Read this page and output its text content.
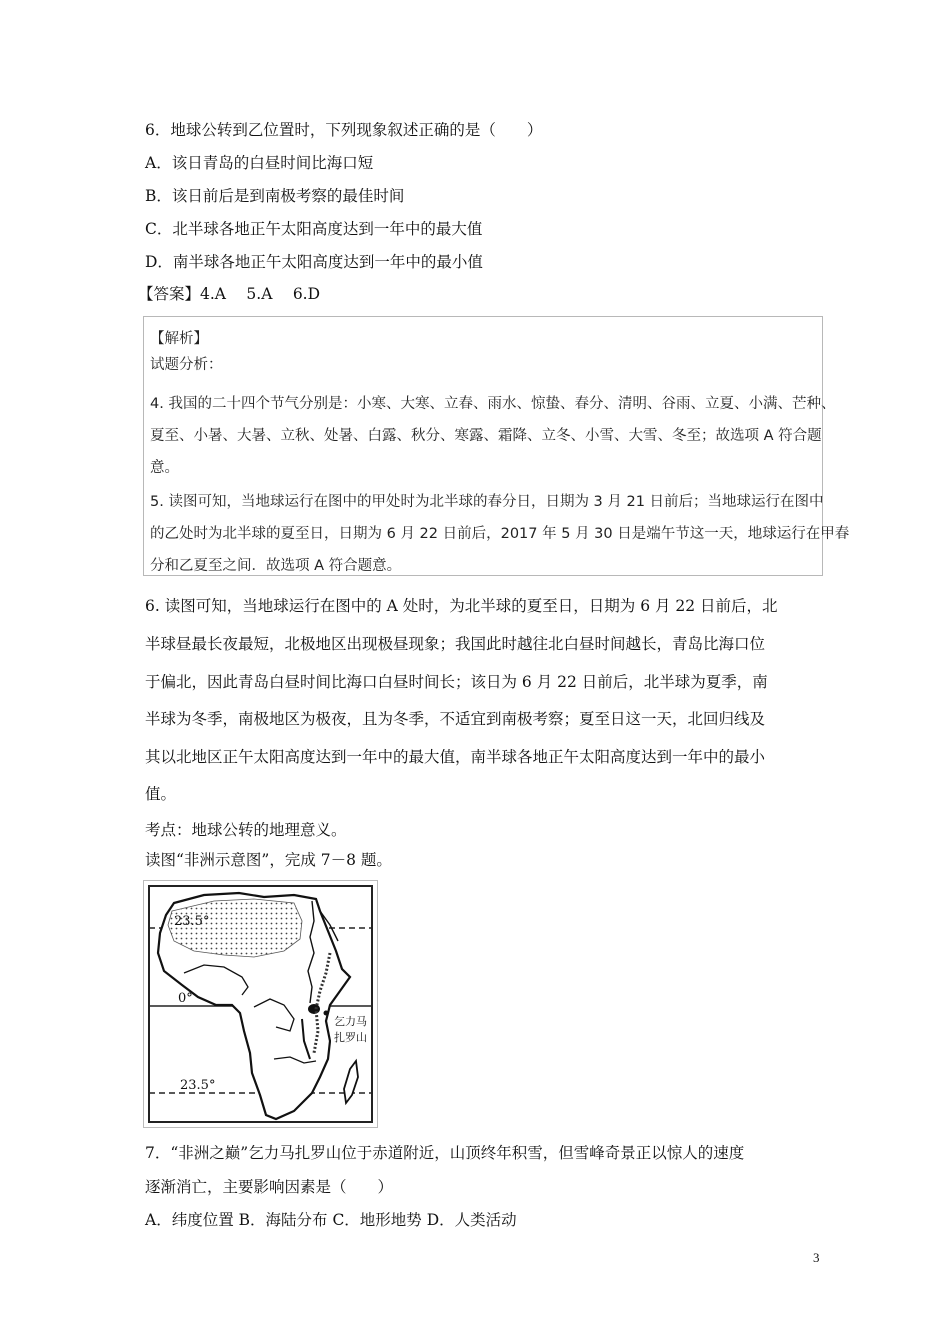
6．地球公转到乙位置时，下列现象叙述正确的是（　　）
A．该日青岛的白昼时间比海口短
B．该日前后是到南极考察的最佳时间
C．北半球各地正午太阳高度达到一年中的最大值
D．南半球各地正午太阳高度达到一年中的最小值
【答案】4.A　 5.A　 6.D
【解析】
试题分析：
4. 我国的二十四个节气分别是：小寒、大寒、立春、雨水、惊蛰、春分、清明、谷雨、立夏、小满、芒种、
夏至、小暑、大暑、立秋、处暑、白露、秋分、寒露、霜降、立冬、小雪、大雪、冬至；故选项 A 符合题
意。
5. 读图可知，当地球运行在图中的甲处时为北半球的春分日，日期为 3 月 21 日前后；当地球运行在图中
的乙处时为北半球的夏至日，日期为 6 月 22 日前后，2017 年 5 月 30 日是端午节这一天，地球运行在甲春
分和乙夏至之间．故选项 A 符合题意。
6. 读图可知，当地球运行在图中的 A 处时，为北半球的夏至日，日期为 6 月 22 日前后，北
半球昼最长夜最短，北极地区出现极昼现象；我国此时越往北白昼时间越长，青岛比海口位
于偏北，因此青岛白昼时间比海口白昼时间长；该日为 6 月 22 日前后，北半球为夏季，南
半球为冬季，南极地区为极夜，且为冬季，不适宜到南极考察；夏至日这一天，北回归线及
其以北地区正午太阳高度达到一年中的最大值，南半球各地正午太阳高度达到一年中的最小
值。
考点：地球公转的地理意义。
读图“非洲示意图”，完成 7－8 题。
23.5°
0°
23.5°
乞力马
扎罗山
7．“非洲之巅”乞力马扎罗山位于赤道附近，山顶终年积雪，但雪峰奇景正以惊人的速度
逐渐消亡，主要影响因素是（　　）
A．纬度位置 B．海陆分布 C．地形地势 D．人类活动
3
